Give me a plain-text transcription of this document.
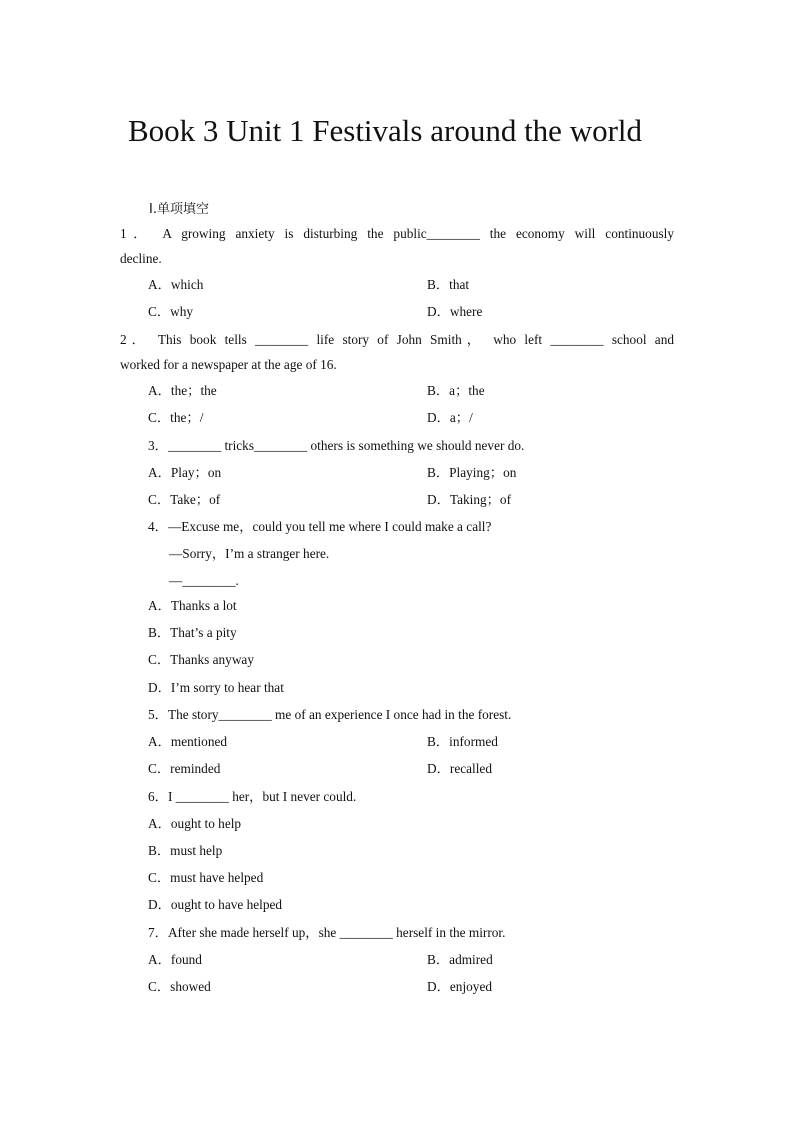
Book 3 Unit 1 Festivals around the world
Ⅰ.单项填空
1． A growing anxiety is disturbing the public________ the economy will continuously
decline.
A．which	B．that
C．why	D．where
2． This book tells ________ life story of John Smith， who left ________ school and
worked for a newspaper at the age of 16.
A．the；the	B．a；the
C．the；/	D．a；/
3．________ tricks________ others is something we should never do.
A．Play；on	B．Playing；on
C．Take；of	D．Taking；of
4．—Excuse me，could you tell me where I could make a call?
—Sorry，I’m a stranger here.
—________.
A．Thanks a lot
B．That’s a pity
C．Thanks anyway
D．I’m sorry to hear that
5．The story________ me of an experience I once had in the forest.
A．mentioned	B．informed
C．reminded	D．recalled
6．I ________ her，but I never could.
A．ought to help
B．must help
C．must have helped
D．ought to have helped
7．After she made herself up，she ________ herself in the mirror.
A．found	B．admired
C．showed	D．enjoyed
